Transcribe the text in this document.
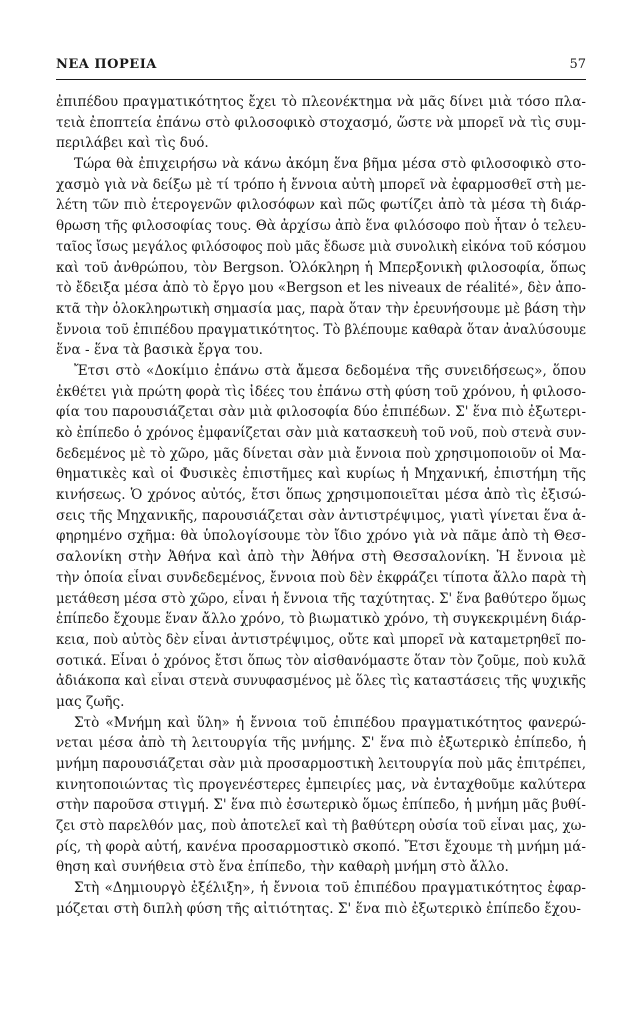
ΝΕΑ ΠΟΡΕΙΑ	57
ἐπιπέδου πραγματικότητος ἔχει τὸ πλεονέκτημα νὰ μᾶς δίνει μιὰ τόσο πλα-
τειὰ ἐποπτεία ἐπάνω στὸ φιλοσοφικὸ στοχασμό, ὥστε νὰ μπορεῖ νὰ τὶς συμ-
περιλάβει καὶ τὶς δυό.
Τώρα θὰ ἐπιχειρήσω νὰ κάνω ἀκόμη ἕνα βῆμα μέσα στὸ φιλοσοφικὸ στο-
χασμὸ γιὰ νὰ δείξω μὲ τί τρόπο ἡ ἔννοια αὐτὴ μπορεῖ νὰ ἐφαρμοσθεῖ στὴ με-
λέτη τῶν πιὸ ἑτερογενῶν φιλοσόφων καὶ πῶς φωτίζει ἀπὸ τὰ μέσα τὴ διάρ-
θρωση τῆς φιλοσοφίας τους. Θὰ ἀρχίσω ἀπὸ ἕνα φιλόσοφο ποὺ ἦταν ὁ τελευ-
ταῖος ἴσως μεγάλος φιλόσοφος ποὺ μᾶς ἔδωσε μιὰ συνολικὴ εἰκόνα τοῦ κόσμου
καὶ τοῦ ἀνθρώπου, τὸν Bergson. Ὁλόκληρη ἡ Μπερξονικὴ φιλοσοφία, ὅπως
τὸ ἔδειξα μέσα ἀπὸ τὸ ἔργο μου «Bergson et les niveaux de réalité», δὲν ἀπο-
κτᾶ τὴν ὁλοκληρωτικὴ σημασία μας, παρὰ ὅταν τὴν ἐρευνήσουμε μὲ βάση τὴν
ἔννοια τοῦ ἐπιπέδου πραγματικότητος. Τὸ βλέπουμε καθαρὰ ὅταν ἀναλύσουμε
ἕνα - ἕνα τὰ βασικὰ ἔργα του.
Ἔτσι στὸ «Δοκίμιο ἐπάνω στὰ ἄμεσα δεδομένα τῆς συνειδήσεως», ὅπου
ἐκθέτει γιὰ πρώτη φορὰ τὶς ἰδέες του ἐπάνω στὴ φύση τοῦ χρόνου, ἡ φιλοσο-
φία του παρουσιάζεται σὰν μιὰ φιλοσοφία δύο ἐπιπέδων. Σ' ἕνα πιὸ ἐξωτερι-
κὸ ἐπίπεδο ὁ χρόνος ἐμφανίζεται σὰν μιὰ κατασκευὴ τοῦ νοῦ, ποὺ στενὰ συν-
δεδεμένος μὲ τὸ χῶρο, μᾶς δίνεται σὰν μιὰ ἔννοια ποὺ χρησιμοποιοῦν οἱ Μα-
θηματικὲς καὶ οἱ Φυσικὲς ἐπιστῆμες καὶ κυρίως ἡ Μηχανική, ἐπιστήμη τῆς
κινήσεως. Ὁ χρόνος αὐτός, ἔτσι ὅπως χρησιμοποιεῖται μέσα ἀπὸ τὶς ἐξισώ-
σεις τῆς Μηχανικῆς, παρουσιάζεται σὰν ἀντιστρέψιμος, γιατὶ γίνεται ἕνα ἀ-
φηρημένο σχῆμα: θὰ ὑπολογίσουμε τὸν ἴδιο χρόνο γιὰ νὰ πᾶμε ἀπὸ τὴ Θεσ-
σαλονίκη στὴν Ἀθήνα καὶ ἀπὸ τὴν Ἀθήνα στὴ Θεσσαλονίκη. Ἡ ἔννοια μὲ
τὴν ὁποία εἶναι συνδεδεμένος, ἔννοια ποὺ δὲν ἐκφράζει τίποτα ἄλλο παρὰ τὴ
μετάθεση μέσα στὸ χῶρο, εἶναι ἡ ἔννοια τῆς ταχύτητας. Σ' ἕνα βαθύτερο ὅμως
ἐπίπεδο ἔχουμε ἕναν ἄλλο χρόνο, τὸ βιωματικὸ χρόνο, τὴ συγκεκριμένη διάρ-
κεια, ποὺ αὐτὸς δὲν εἶναι ἀντιστρέψιμος, οὔτε καὶ μπορεῖ νὰ καταμετρηθεῖ πο-
σοτικά. Εἶναι ὁ χρόνος ἔτσι ὅπως τὸν αἰσθανόμαστε ὅταν τὸν ζοῦμε, ποὺ κυλᾶ
ἀδιάκοπα καὶ εἶναι στενὰ συνυφασμένος μὲ ὅλες τὶς καταστάσεις τῆς ψυχικῆς
μας ζωῆς.
Στὸ «Μνήμη καὶ ὕλη» ἡ ἔννοια τοῦ ἐπιπέδου πραγματικότητος φανερώ-
νεται μέσα ἀπὸ τὴ λειτουργία τῆς μνήμης. Σ' ἕνα πιὸ ἐξωτερικὸ ἐπίπεδο, ἡ
μνήμη παρουσιάζεται σὰν μιὰ προσαρμοστικὴ λειτουργία ποὺ μᾶς ἐπιτρέπει,
κινητοποιώντας τὶς προγενέστερες ἐμπειρίες μας, νὰ ἐνταχθοῦμε καλύτερα
στὴν παροῦσα στιγμή. Σ' ἕνα πιὸ ἐσωτερικὸ ὅμως ἐπίπεδο, ἡ μνήμη μᾶς βυθί-
ζει στὸ παρελθόν μας, ποὺ ἀποτελεῖ καὶ τὴ βαθύτερη οὐσία τοῦ εἶναι μας, χω-
ρίς, τὴ φορὰ αὐτή, κανένα προσαρμοστικὸ σκοπό. Ἔτσι ἔχουμε τὴ μνήμη μά-
θηση καὶ συνήθεια στὸ ἕνα ἐπίπεδο, τὴν καθαρὴ μνήμη στὸ ἄλλο.
Στὴ «Δημιουργὸ ἐξέλιξη», ἡ ἔννοια τοῦ ἐπιπέδου πραγματικότητος ἐφαρ-
μόζεται στὴ διπλὴ φύση τῆς αἰτιότητας. Σ' ἕνα πιὸ ἐξωτερικὸ ἐπίπεδο ἔχου-
